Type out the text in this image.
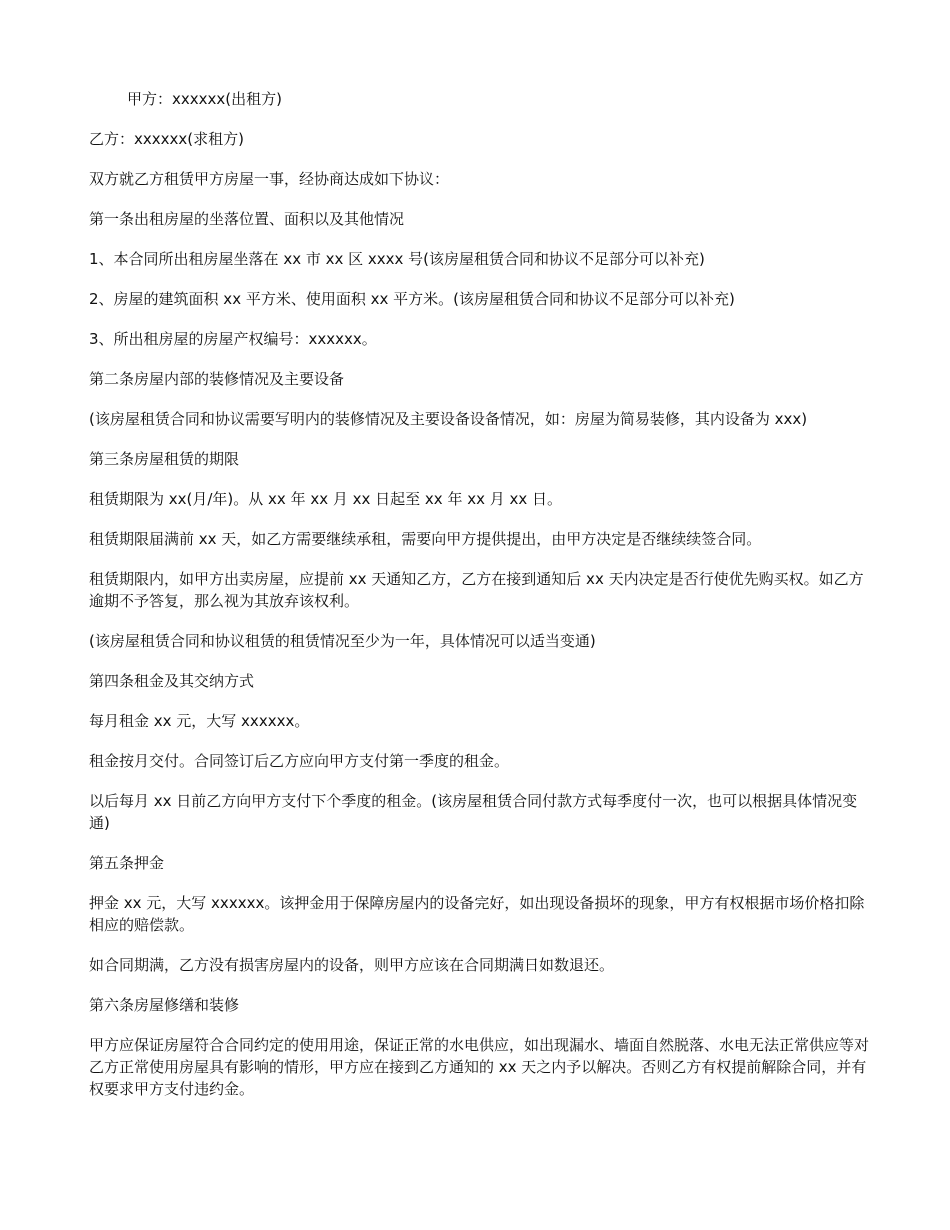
甲方：xxxxxx(出租方)

乙方：xxxxxx(求租方)

双方就乙方租赁甲方房屋一事，经协商达成如下协议：

第一条出租房屋的坐落位置、面积以及其他情况

1、本合同所出租房屋坐落在 xx 市 xx 区 xxxx 号(该房屋租赁合同和协议不足部分可以补充)

2、房屋的建筑面积 xx 平方米、使用面积 xx 平方米。(该房屋租赁合同和协议不足部分可以补充)

3、所出租房屋的房屋产权编号：xxxxxx。

第二条房屋内部的装修情况及主要设备

(该房屋租赁合同和协议需要写明内的装修情况及主要设备设备情况，如：房屋为简易装修，其内设备为 xxx)

第三条房屋租赁的期限

租赁期限为 xx(月/年)。从 xx 年 xx 月 xx 日起至 xx 年 xx 月 xx 日。

租赁期限届满前 xx 天，如乙方需要继续承租，需要向甲方提供提出，由甲方决定是否继续续签合同。

租赁期限内，如甲方出卖房屋，应提前 xx 天通知乙方，乙方在接到通知后 xx 天内决定是否行使优先购买权。如乙方逾期不予答复，那么视为其放弃该权利。

(该房屋租赁合同和协议租赁的租赁情况至少为一年，具体情况可以适当变通)

第四条租金及其交纳方式

每月租金 xx 元，大写 xxxxxx。

租金按月交付。合同签订后乙方应向甲方支付第一季度的租金。

以后每月 xx 日前乙方向甲方支付下个季度的租金。(该房屋租赁合同付款方式每季度付一次，也可以根据具体情况变通)

第五条押金

押金 xx 元，大写 xxxxxx。该押金用于保障房屋内的设备完好，如出现设备损坏的现象，甲方有权根据市场价格扣除相应的赔偿款。

如合同期满，乙方没有损害房屋内的设备，则甲方应该在合同期满日如数退还。

第六条房屋修缮和装修

甲方应保证房屋符合合同约定的使用用途，保证正常的水电供应，如出现漏水、墙面自然脱落、水电无法正常供应等对乙方正常使用房屋具有影响的情形，甲方应在接到乙方通知的 xx 天之内予以解决。否则乙方有权提前解除合同，并有权要求甲方支付违约金。
